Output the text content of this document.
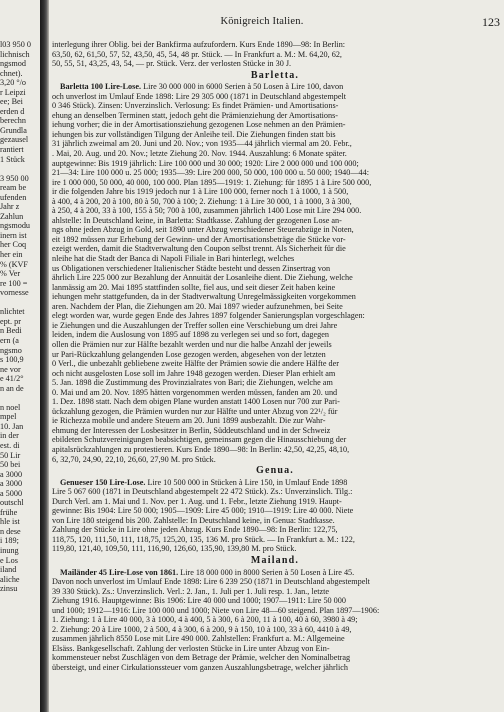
Königreich Italien.	123
l03 950 0
lichnisch
ngsmod
chnet).
3,20 °/o
r Leipzi
ee; Bei
erden d
berechn
Grundla
gezausel
rantiert
1 Stück

3 950 00
ream be
ufenden
Jahr z
Zahlun
ngsmodu
inern ist
her Coq
her ein
% (KVF
% Ver
re 100 =
vornesse

nlichtet
ept. pr
n Bedi
ern (a
ngsmo
s 100,9
ne vor
e 41/2°
n an de

n noel
mpel
10. Jan
in der
est. di
50 Lir
50 bei
a 3000
a 3000
a 5000
outschl
frühe
hle ist
n dese
i 189;
inung
e Los
iland
aliche
zinsu
interlegung ihrer Oblig. bei der Bankfirma aufzufordern. Kurs Ende 1890—98: In Berlin:
63,50, 62, 61,50, 57, 52, 43,50, 45, 54, 48 pr. Stück. — In Frankfurt a. M.: M. 64,20, 62,
50, 55, 51, 43,25, 43, 54, — pr. Stück. Verz. der verlosten Stücke in 30 J.
Barletta.
Barletta 100 Lire-Lose. Lire 30 000 000 in 6000 Serien à 50 Losen à Lire 100, davon
och unverlost im Umlauf Ende 1898: Lire 29 305 000 (1871 in Deutschland abgestempelt
0 346 Stück). Zinsen: Unverzinslich. Verlosung: Es findet Prämien- und Amortisations-
ehung an denselben Terminen statt, jedoch geht die Prämienziehung der Amortisations-
iehung vorher; die in der Amortisationsziehung gezogenen Lose nehmen an den Prämien-
iehungen bis zur vollständigen Tilgung der Anleihe teil. Die Ziehungen finden statt bis
31 jährlich zweimal am 20. Juni und 20. Nov.; von 1935—44 jährlich viermal am 20. Febr.,
. Mai, 20. Aug. und 20. Nov.; letzte Ziehung 20. Nov. 1944. Auszahlung: 6 Monate später.
auptgewinne: Bis 1919 jährlich: Lire 100 000 und 30 000; 1920: Lire 2 000 000 und 100 000;
21—34: Lire 100 000 u. 25 000; 1935—39: Lire 200 000, 50 000, 100 000 u. 50 000; 1940—44:
ire 1 000 000, 50 000, 40 000, 100 000. Plan 1895—1919: 1. Ziehung: für 1895 1 à Lire 500 000,
ir die folgenden Jahre bis 1919 jedoch nur 1 à Lire 100 000, ferner noch 1 à 1000, 1 à 500,
à 400, 4 à 200, 20 à 100, 80 à 50, 700 à 100; 2. Ziehung: 1 à Lire 30 000, 1 à 1000, 3 à 300,
à 250, 4 à 200, 33 à 100, 155 à 50; 700 à 100, zusammen jährlich 1400 Lose mit Lire 294 000.
ahlstelle: In Deutschland keine, in Barletta: Stadtkasse. Zahlung der gezogenen Lose an-
ngs ohne jeden Abzug in Gold, seit 1890 unter Abzug verschiedener Steuerabzüge in Noten,
eit 1892 müssen zur Erhebung der Gewinn- und der Amortisationsbeträge die Stücke vor-
ezeigt werden, damit die Stadtverwaltung den Coupon selbst trennt. Als Sicherheit für die
nleihe hat die Stadt der Banca di Napoli Filiale in Bari hinterlegt, welches
us Obligationen verschiedener Italienischer Städte besteht und dessen Zinsertrag von
ährlich Lire 225 000 zur Bezahlung der Annuität der Losanleihe dient. Die Ziehung, welche
lanmässig am 20. Mai 1895 stattfinden sollte, fiel aus, und seit dieser Zeit haben keine
iehungen mehr stattgefunden, da in der Stadtverwaltung Unregelmässigkeiten vorgekommen
aren. Nachdem der Plan, die Ziehungen am 20. Mai 1897 wieder aufzunehmen, bei Seite
elegt worden war, wurde gegen Ende des Jahres 1897 folgender Sanierungsplan vorgeschlagen:
ie Ziehungen und die Auszahlungen der Treffer sollen eine Verschiebung um drei Jahre
leiden, indem die Auslosung von 1895 auf 1898 zu verlegen sei und so fort, dagegen
ollen die Prämien nur zur Hälfte bezahlt werden und nur die halbe Anzahl der jeweils
ur Pari-Rückzahlung gelangenden Lose gezogen werden, abgesehen von der letzten
0 Verl., die unbezahlt gebliebene zweite Hälfte der Prämien sowie die andere Hälfte der
och nicht ausgelosten Lose soll im Jahre 1948 gezogen werden. Dieser Plan erhielt am
5. Jan. 1898 die Zustimmung des Provinzialrates von Bari; die Ziehungen, welche am
0. Mai und am 20. Nov. 1895 hätten vorgenommen werden müssen, fanden am 20. und
1. Dez. 1898 statt. Nach dem obigen Plane wurden anstatt 1400 Losen nur 700 zur Pari-
ückzahlung gezogen, die Prämien wurden nur zur Hälfte und unter Abzug von 22¹/₂ für
ie Richezza mobile und andere Steuern am 20. Juni 1899 ausbezahlt. Die zur Wahr-
ehmung der Interessen der Losbesitzer in Berlin, Süddeutschland und in der Schweiz
ebildeten Schutzvereinigungen beabsichtigen, gemeinsam gegen die Hinausschiebung der
apitalsrückzahlungen zu protestieren. Kurs Ende 1890—98: In Berlin: 42,50, 42,25, 48,10,
6, 32,70, 24,90, 22,10, 26,60, 27,90 M. pro Stück.
Genua.
Genueser 150 Lire-Lose. Lire 10 500 000 in Stücken à Lire 150, in Umlauf Ende 1898
Lire 5 067 600 (1871 in Deutschland abgestempelt 22 472 Stück). Zs.: Unverzinslich. Tilg.:
Durch Verl. am 1. Mai und 1. Nov. per 1. Aug. und 1. Febr., letzte Ziehung 1919. Haupt-
gewinne: Bis 1904: Lire 50 000; 1905—1909: Lire 45 000; 1910—1919: Lire 40 000. Niete
von Lire 180 steigend bis 200. Zahlstelle: In Deutschland keine, in Genua: Stadtkasse.
Zahlung der Stücke in Lire ohne jeden Abzug. Kurs Ende 1890—98: In Berlin: 122,75,
118,75, 120, 111,50, 111, 118,75, 125,20, 135, 136 M. pro Stück. — In Frankfurt a. M.: 122,
119,80, 121,40, 109,50, 111, 116,90, 126,60, 135,90, 139,80 M. pro Stück.
Mailand.
Mailänder 45 Lire-Lose von 1861. Lire 18 000 000 in 8000 Serien à 50 Losen à Lire 45.
Davon noch unverlost im Umlauf Ende 1898: Lire 6 239 250 (1871 in Deutschland abgestempelt
39 330 Stück). Zs.: Unverzinslich. Verl.: 2. Jan., 1. Juli per 1. Juli resp. 1. Jan., letzte
Ziehung 1916. Hauptgewinne: Bis 1906: Lire 40 000 und 1000; 1907—1911: Lire 50 000
und 1000; 1912—1916: Lire 100 000 und 1000; Niete von Lire 48—60 steigend. Plan 1897—1906:
1. Ziehung: 1 à Lire 40 000, 3 à 1000, 4 à 400, 5 à 300, 6 à 200, 11 à 100, 40 à 60, 3980 à 49;
2. Ziehung: 20 à Lire 1000, 2 à 500, 4 à 300, 6 à 200, 9 à 150, 10 à 100, 33 à 60, 4410 à 49,
zusammen jährlich 8550 Lose mit Lire 490 000. Zahlstellen: Frankfurt a. M.: Allgemeine
Elsäss. Bankgesellschaft. Zahlung der verlosten Stücke in Lire unter Abzug von Ein-
kommensteuer nebst Zuschlägen von dem Betrage der Prämie, welcher den Nominalbetrag
übersteigt, und einer Cirkulationssteuer vom ganzen Auszahlungsbetrage, welcher jährlich
